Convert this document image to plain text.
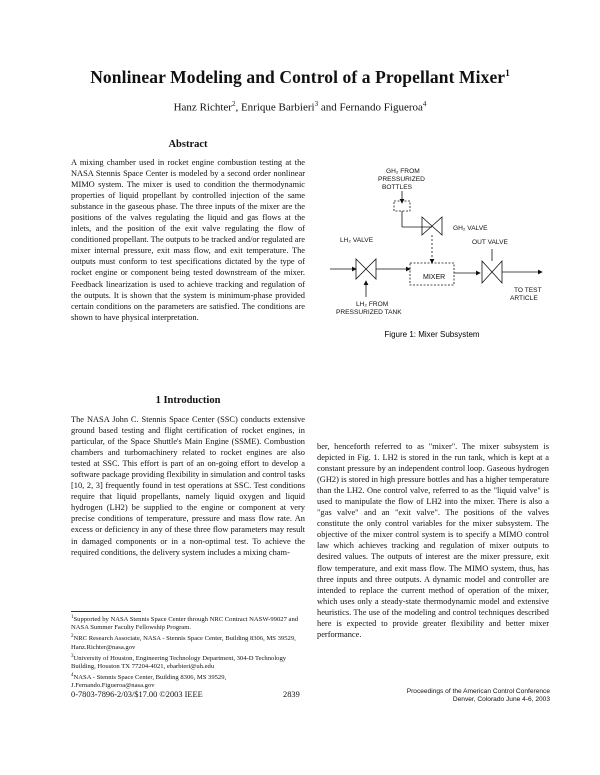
Nonlinear Modeling and Control of a Propellant Mixer$^1$
Hanz Richter$^2$, Enrique Barbieri$^3$ and Fernando Figueroa$^4$
Abstract
A mixing chamber used in rocket engine combustion testing at the NASA Stennis Space Center is modeled by a second order nonlinear MIMO system. The mixer is used to condition the thermodynamic properties of liquid propellant by controlled injection of the same substance in the gaseous phase. The three inputs of the mixer are the positions of the valves regulating the liquid and gas flows at the inlets, and the position of the exit valve regulating the flow of conditioned propellant. The outputs to be tracked and/or regulated are mixer internal pressure, exit mass flow, and exit temperature. The outputs must conform to test specifications dictated by the type of rocket engine or component being tested downstream of the mixer. Feedback linearization is used to achieve tracking and regulation of the outputs. It is shown that the system is minimum-phase provided certain conditions on the parameters are satisfied. The conditions are shown to have physical interpretation.
GH₂ FROM
PRESSURIZED
BOTTLES
GH₂ VALVE
LH₂ VALVE	OUT VALVE
MIXER
TO TEST
ARTICLE
LH₂ FROM
PRESSURIZED TANK
Figure 1: Mixer Subsystem
1 Introduction
The NASA John C. Stennis Space Center (SSC) conducts extensive ground based testing and flight certification of rocket engines, in particular, of the Space Shuttle's Main Engine (SSME). Combustion chambers and turbomachinery related to rocket engines are also tested at SSC. This effort is part of an on-going effort to develop a software package providing flexibility in simulation and control tasks [10, 2, 3] frequently found in test operations at SSC. Test conditions require that liquid propellants, namely liquid oxygen and liquid hydrogen (LH2) be supplied to the engine or component at very precise conditions of temperature, pressure and mass flow rate. An excess or deficiency in any of these three flow parameters may result in damaged components or in a non-optimal test. To achieve the required conditions, the delivery system includes a mixing cham-
ber, henceforth referred to as "mixer". The mixer subsystem is depicted in Fig. 1. LH2 is stored in the run tank, which is kept at a constant pressure by an independent control loop. Gaseous hydrogen (GH2) is stored in high pressure bottles and has a higher temperature than the LH2. One control valve, referred to as the "liquid valve" is used to manipulate the flow of LH2 into the mixer. There is also a "gas valve" and an "exit valve". The positions of the valves constitute the only control variables for the mixer subsystem. The objective of the mixer control system is to specify a MIMO control law which achieves tracking and regulation of mixer outputs to desired values. The outputs of interest are the mixer pressure, exit flow temperature, and exit mass flow. The MIMO system, thus, has three inputs and three outputs. A dynamic model and controller are intended to replace the current method of operation of the mixer, which uses only a steady-state thermodynamic model and extensive heuristics. The use of the modeling and control techniques described here is expected to provide greater flexibility and better mixer performance.

$^1$Supported by NASA Stennis Space Center through NRC Contract NASW-99027 and NASA Summer Faculty Fellowship Program.

$^2$NRC Research Associate, NASA - Stennis Space Center, Building 8306, MS 39529, Hanz.Richter@nasa.gov

$^3$University of Houston, Engineering Technology Department, 304-D Technology Building, Houston TX 77204-4021, ebarbieri@uh.edu

$^4$NASA - Stennis Space Center, Building 8306, MS 39529, J.Fernando.Figueroa@nasa.gov

0-7803-7896-2/03/$17.00 ©2003 IEEE	2839	Proceedings of the American Control Conference
Denver, Colorado June 4-6, 2003
